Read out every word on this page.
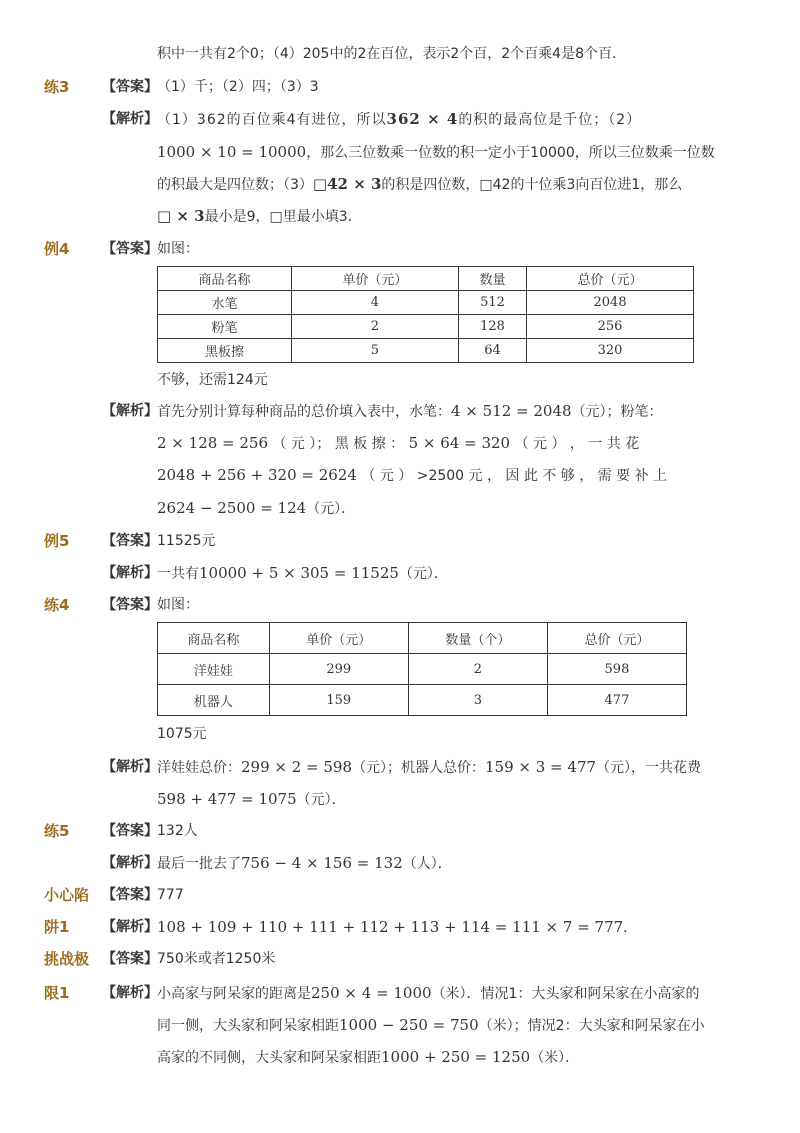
积中一共有2个0；（4）205中的2在百位，表示2个百，2个百乘4是8个百．
练3 【答案】 （1）千；（2）四；（3）3
【解析】 （1）362的百位乘4有进位，所以362 × 4的积的最高位是千位；（2）
1000 × 10 = 10000，那么三位数乘一位数的积一定小于10000，所以三位数乘一位数
的积最大是四位数；（3）□42 × 3的积是四位数，□42的十位乘3向百位进1，那么
□ × 3最小是9，□里最小填3．
例4 【答案】 如图：
商品名称	单价（元）	数量	总价（元）
水笔	4	512	2048
粉笔	2	128	256
黑板擦	5	64	320
不够，还需124元
【解析】 首先分别计算每种商品的总价填入表中，水笔：4 × 512 = 2048（元）；粉笔：
2 × 128 = 256 （ 元 ）； 黑 板 擦 ： 5 × 64 = 320 （ 元 ） ， 一 共 花
2048 + 256 + 320 = 2624 （ 元 ） >2500 元 ， 因 此 不 够 ， 需 要 补 上
2624 − 2500 = 124（元）．
例5 【答案】 11525元
【解析】 一共有10000 + 5 × 305 = 11525（元）．
练4 【答案】 如图：
商品名称	单价（元）	数量（个）	总价（元）
洋娃娃	299	2	598
机器人	159	3	477
1075元
【解析】 洋娃娃总价：299 × 2 = 598（元）；机器人总价：159 × 3 = 477（元），一共花费
598 + 477 = 1075（元）．
练5 【答案】 132人
【解析】 最后一批去了756 − 4 × 156 = 132（人）．
小心陷 【答案】 777
阱1 【解析】 108 + 109 + 110 + 111 + 112 + 113 + 114 = 111 × 7 = 777．
挑战极 【答案】 750米或者1250米
限1 【解析】 小高家与阿呆家的距离是250 × 4 = 1000（米）．情况1：大头家和阿呆家在小高家的
同一侧，大头家和阿呆家相距1000 − 250 = 750（米）；情况2：大头家和阿呆家在小
高家的不同侧，大头家和阿呆家相距1000 + 250 = 1250（米）．
